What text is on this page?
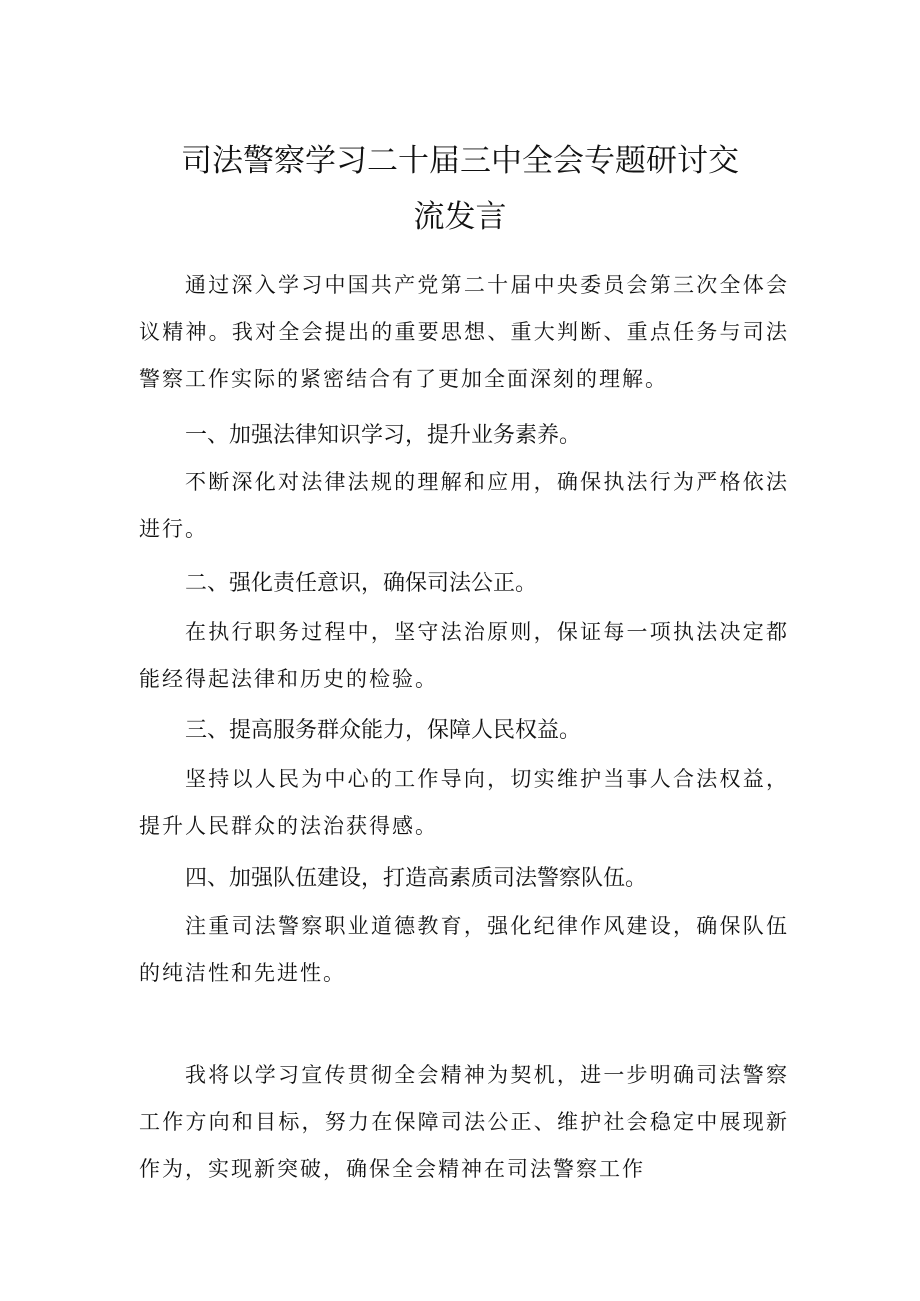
司法警察学习二十届三中全会专题研讨交
流发言

通过深入学习中国共产党第二十届中央委员会第三次全体会议精神。我对全会提出的重要思想、重大判断、重点任务与司法警察工作实际的紧密结合有了更加全面深刻的理解。

一、加强法律知识学习，提升业务素养。

不断深化对法律法规的理解和应用，确保执法行为严格依法进行。

二、强化责任意识，确保司法公正。

在执行职务过程中，坚守法治原则，保证每一项执法决定都能经得起法律和历史的检验。

三、提高服务群众能力，保障人民权益。

坚持以人民为中心的工作导向，切实维护当事人合法权益，提升人民群众的法治获得感。

四、加强队伍建设，打造高素质司法警察队伍。

注重司法警察职业道德教育，强化纪律作风建设，确保队伍的纯洁性和先进性。

我将以学习宣传贯彻全会精神为契机，进一步明确司法警察工作方向和目标，努力在保障司法公正、维护社会稳定中展现新作为，实现新突破，确保全会精神在司法警察工作
